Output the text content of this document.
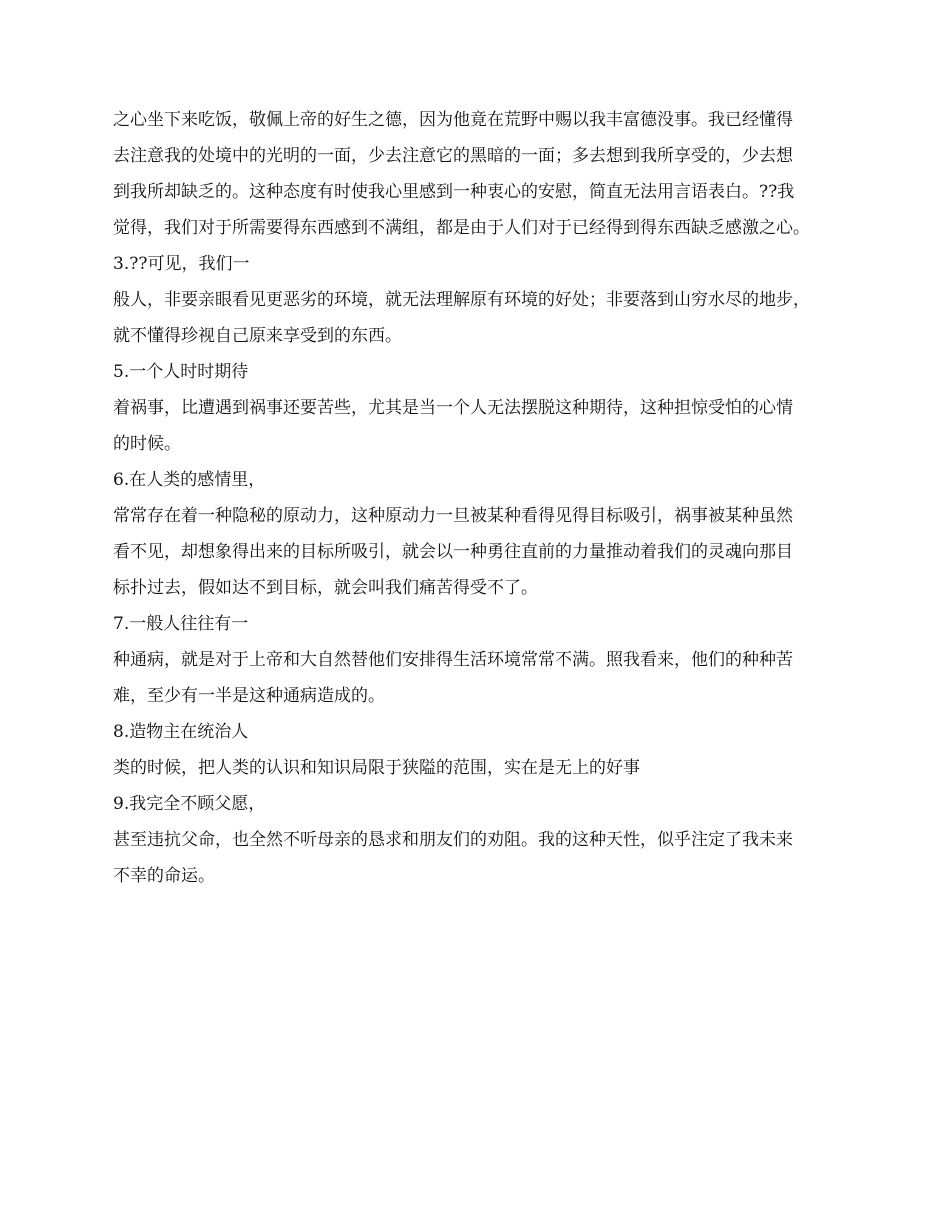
之心坐下来吃饭，敬佩上帝的好生之德，因为他竟在荒野中赐以我丰富德没事。我已经懂得

去注意我的处境中的光明的一面，少去注意它的黑暗的一面；多去想到我所享受的，少去想

到我所却缺乏的。这种态度有时使我心里感到一种衷心的安慰，简直无法用言语表白。??我

觉得，我们对于所需要得东西感到不满组，都是由于人们对于已经得到得东西缺乏感激之心。

3.??可见，我们一

般人，非要亲眼看见更恶劣的环境，就无法理解原有环境的好处；非要落到山穷水尽的地步，

就不懂得珍视自己原来享受到的东西。

5.一个人时时期待

着祸事，比遭遇到祸事还要苦些，尤其是当一个人无法摆脱这种期待，这种担惊受怕的心情

的时候。

6.在人类的感情里，

常常存在着一种隐秘的原动力，这种原动力一旦被某种看得见得目标吸引，祸事被某种虽然

看不见，却想象得出来的目标所吸引，就会以一种勇往直前的力量推动着我们的灵魂向那目

标扑过去，假如达不到目标，就会叫我们痛苦得受不了。

7.一般人往往有一

种通病，就是对于上帝和大自然替他们安排得生活环境常常不满。照我看来，他们的种种苦

难，至少有一半是这种通病造成的。

8.造物主在统治人

类的时候，把人类的认识和知识局限于狭隘的范围，实在是无上的好事

9.我完全不顾父愿，

甚至违抗父命，也全然不听母亲的恳求和朋友们的劝阻。我的这种天性，似乎注定了我未来

不幸的命运。
